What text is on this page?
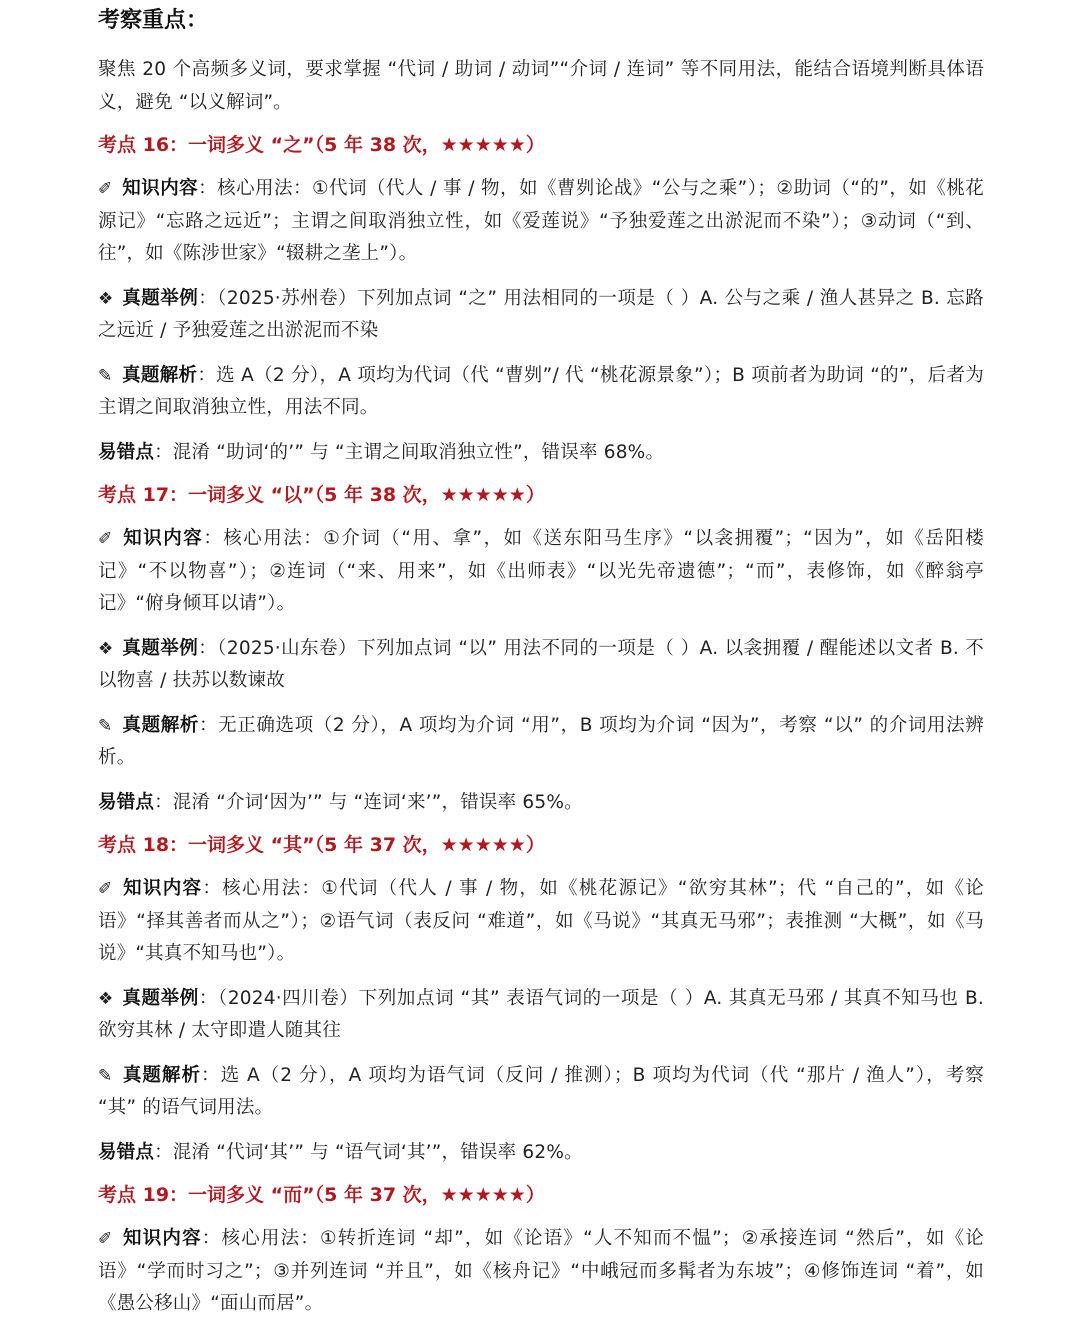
考察重点：
聚焦 20 个高频多义词，要求掌握 “代词 / 助词 / 动词”“介词 / 连词” 等不同用法，能结合语境判断具体语义，避免 “以义解词”。
考点 16：一词多义 “之”（5 年 38 次，★★★★★）
✐ 知识内容：核心用法：①代词（代人 / 事 / 物，如《曹刿论战》“公与之乘”）；②助词（“的”，如《桃花源记》“忘路之远近”；主谓之间取消独立性，如《爱莲说》“予独爱莲之出淤泥而不染”）；③动词（“到、往”，如《陈涉世家》“辍耕之垄上”）。
❖ 真题举例：（2025·苏州卷）下列加点词 “之” 用法相同的一项是（ ）A. 公与之乘 / 渔人甚异之 B. 忘路之远近 / 予独爱莲之出淤泥而不染
✎ 真题解析：选 A（2 分），A 项均为代词（代 “曹刿”/ 代 “桃花源景象”）；B 项前者为助词 “的”，后者为主谓之间取消独立性，用法不同。
易错点：混淆 “助词‘的’” 与 “主谓之间取消独立性”，错误率 68%。
考点 17：一词多义 “以”（5 年 38 次，★★★★★）
✐ 知识内容：核心用法：①介词（“用、拿”，如《送东阳马生序》“以衾拥覆”；“因为”，如《岳阳楼记》“不以物喜”）；②连词（“来、用来”，如《出师表》“以光先帝遗德”；“而”，表修饰，如《醉翁亭记》“俯身倾耳以请”）。
❖ 真题举例：（2025·山东卷）下列加点词 “以” 用法不同的一项是（ ）A. 以衾拥覆 / 醒能述以文者 B. 不以物喜 / 扶苏以数谏故
✎ 真题解析：无正确选项（2 分），A 项均为介词 “用”，B 项均为介词 “因为”，考察 “以” 的介词用法辨析。
易错点：混淆 “介词‘因为’” 与 “连词‘来’”，错误率 65%。
考点 18：一词多义 “其”（5 年 37 次，★★★★★）
✐ 知识内容：核心用法：①代词（代人 / 事 / 物，如《桃花源记》“欲穷其林”；代 “自己的”，如《论语》“择其善者而从之”）；②语气词（表反问 “难道”，如《马说》“其真无马邪”；表推测 “大概”，如《马说》“其真不知马也”）。
❖ 真题举例：（2024·四川卷）下列加点词 “其” 表语气词的一项是（ ）A. 其真无马邪 / 其真不知马也 B. 欲穷其林 / 太守即遣人随其往
✎ 真题解析：选 A（2 分），A 项均为语气词（反问 / 推测）；B 项均为代词（代 “那片 / 渔人”），考察 “其” 的语气词用法。
易错点：混淆 “代词‘其’” 与 “语气词‘其’”，错误率 62%。
考点 19：一词多义 “而”（5 年 37 次，★★★★★）
✐ 知识内容：核心用法：①转折连词 “却”，如《论语》“人不知而不愠”；②承接连词 “然后”，如《论语》“学而时习之”；③并列连词 “并且”，如《核舟记》“中峨冠而多髯者为东坡”；④修饰连词 “着”，如《愚公移山》“面山而居”。
